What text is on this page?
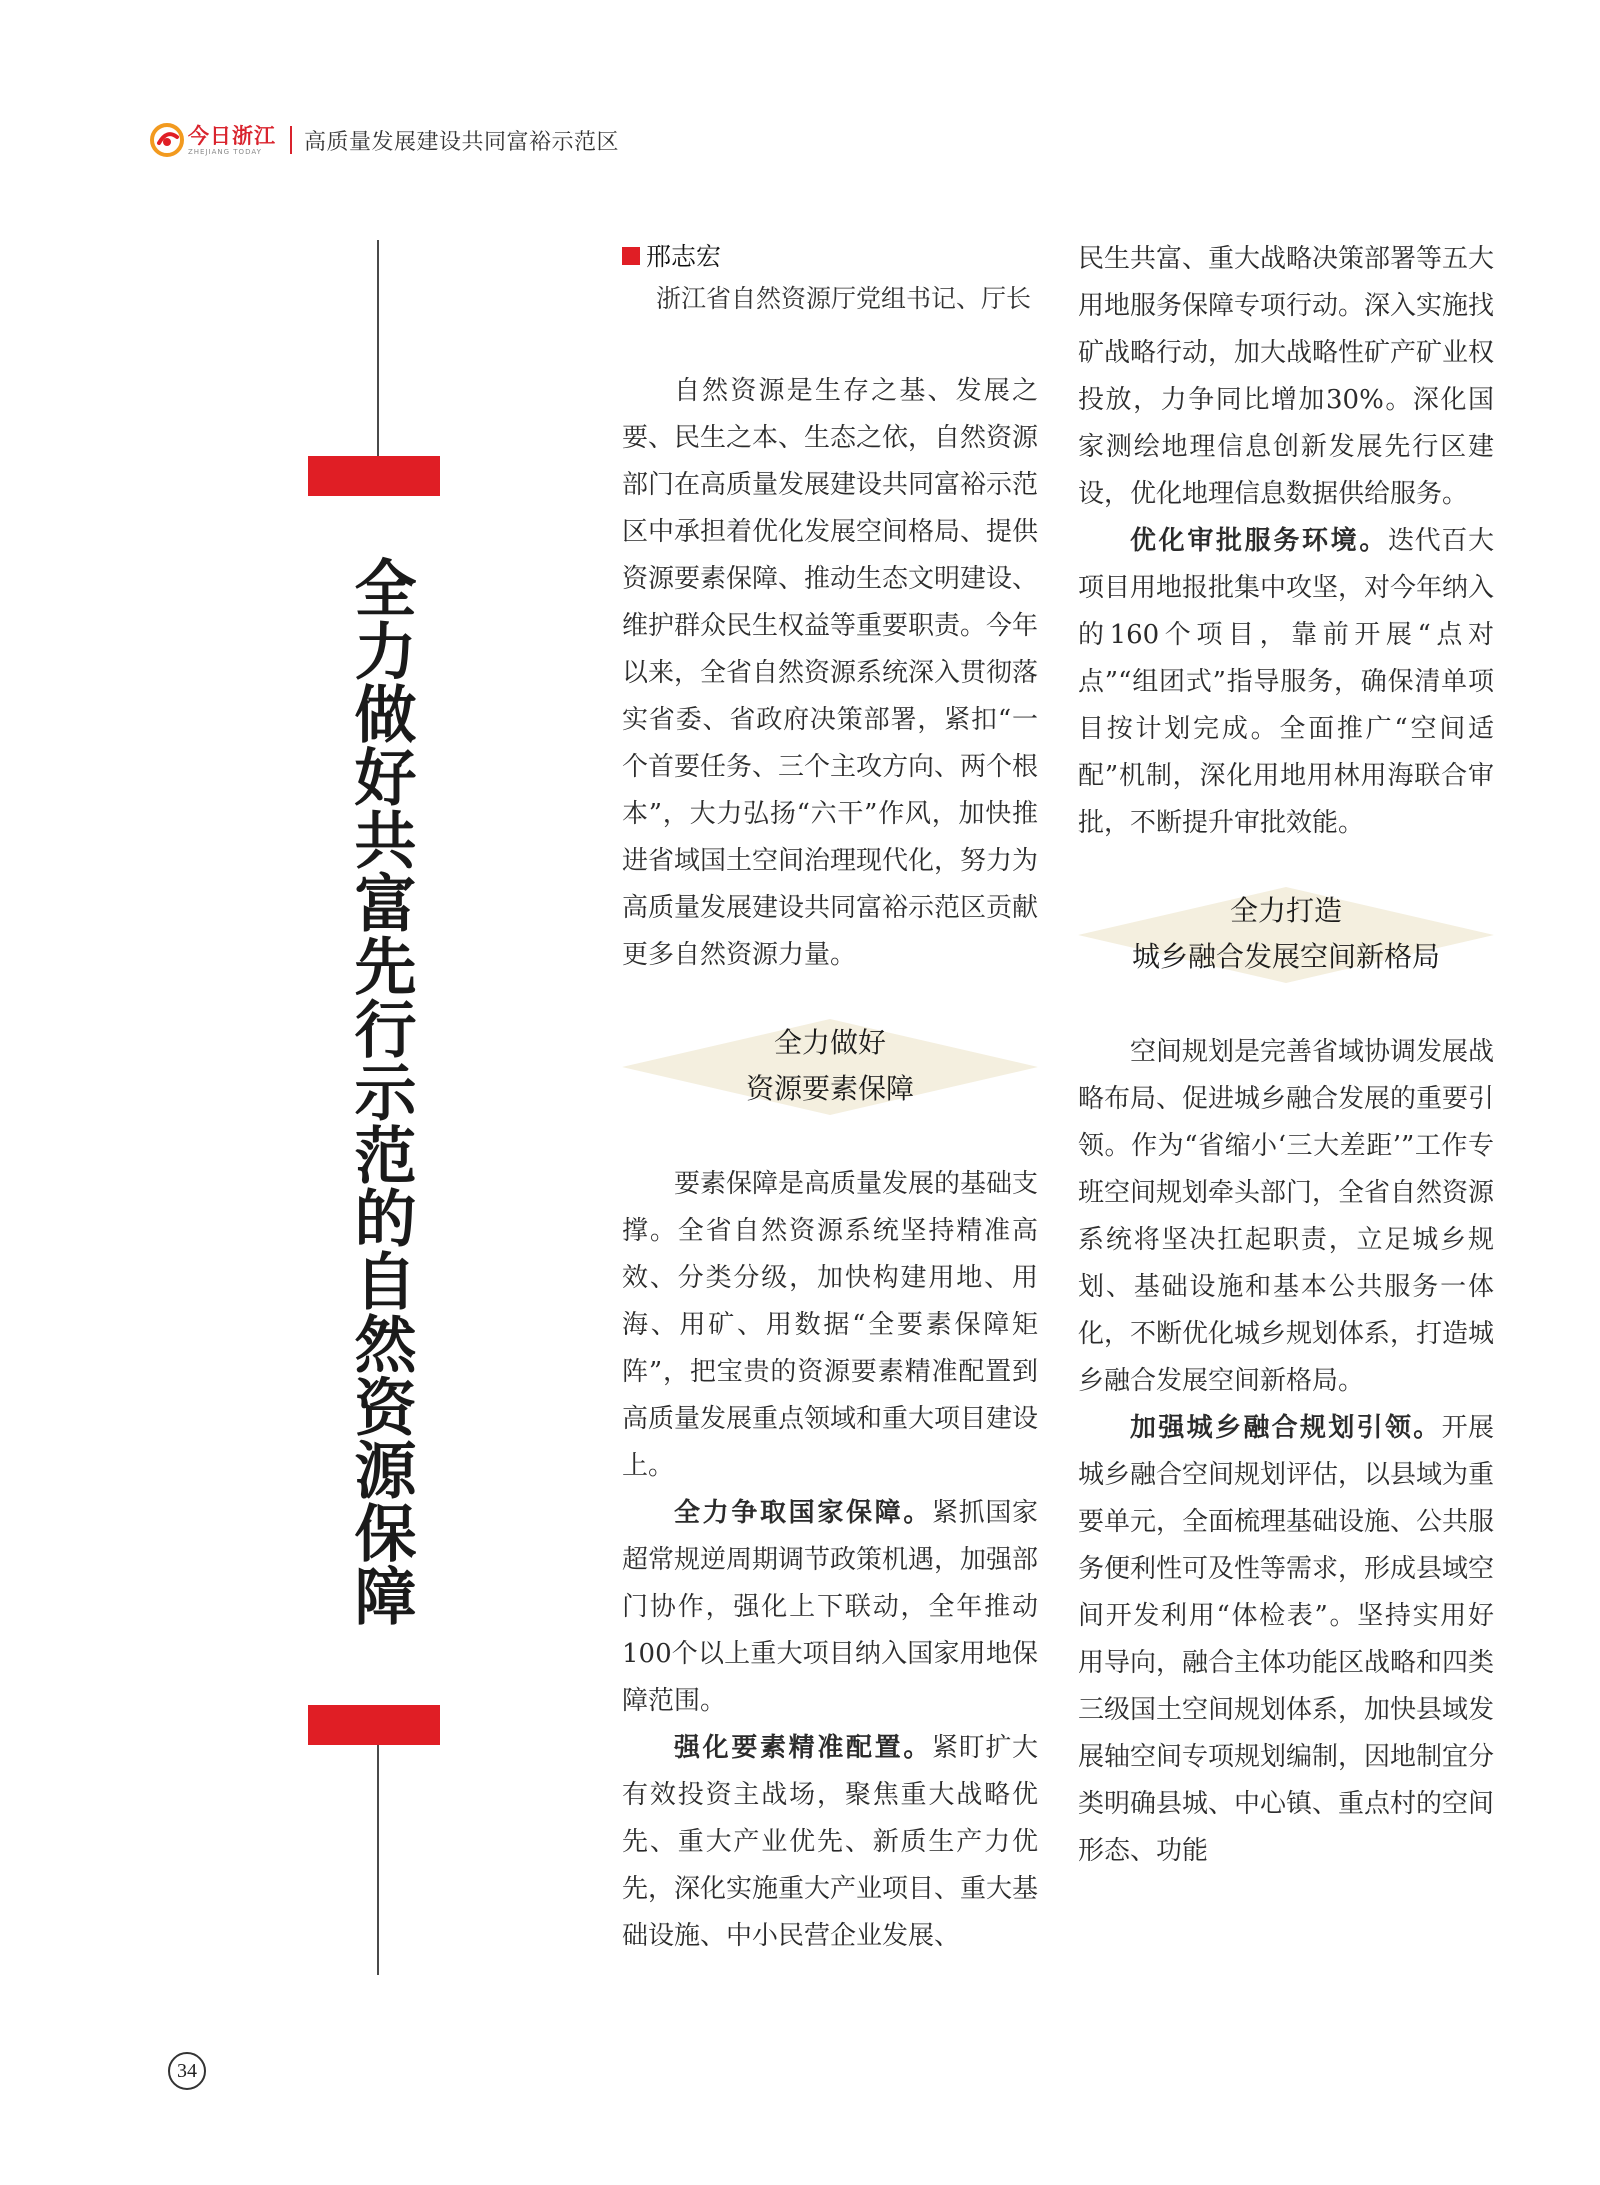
今日浙江
ZHEJIANG TODAY	高质量发展建设共同富裕示范区
全力做好共富先行示范的自然资源保障
邢志宏
浙江省自然资源厅党组书记、厅长

自然资源是生存之基、发展之要、民生之本、生态之依，自然资源部门在高质量发展建设共同富裕示范区中承担着优化发展空间格局、提供资源要素保障、推动生态文明建设、维护群众民生权益等重要职责。今年以来，全省自然资源系统深入贯彻落实省委、省政府决策部署，紧扣“一个首要任务、三个主攻方向、两个根本”，大力弘扬“六干”作风，加快推进省域国土空间治理现代化，努力为高质量发展建设共同富裕示范区贡献更多自然资源力量。

全力做好
资源要素保障

要素保障是高质量发展的基础支撑。全省自然资源系统坚持精准高效、分类分级，加快构建用地、用海、用矿、用数据“全要素保障矩阵”，把宝贵的资源要素精准配置到高质量发展重点领域和重大项目建设上。

全力争取国家保障。紧抓国家超常规逆周期调节政策机遇，加强部门协作，强化上下联动，全年推动100个以上重大项目纳入国家用地保障范围。

强化要素精准配置。紧盯扩大有效投资主战场，聚焦重大战略优先、重大产业优先、新质生产力优先，深化实施重大产业项目、重大基础设施、中小民营企业发展、

民生共富、重大战略决策部署等五大用地服务保障专项行动。深入实施找矿战略行动，加大战略性矿产矿业权投放，力争同比增加30%。深化国家测绘地理信息创新发展先行区建设，优化地理信息数据供给服务。

优化审批服务环境。迭代百大项目用地报批集中攻坚，对今年纳入的160个项目，靠前开展“点对点”“组团式”指导服务，确保清单项目按计划完成。全面推广“空间适配”机制，深化用地用林用海联合审批，不断提升审批效能。

全力打造
城乡融合发展空间新格局

空间规划是完善省域协调发展战略布局、促进城乡融合发展的重要引领。作为“省缩小‘三大差距’”工作专班空间规划牵头部门，全省自然资源系统将坚决扛起职责，立足城乡规划、基础设施和基本公共服务一体化，不断优化城乡规划体系，打造城乡融合发展空间新格局。

加强城乡融合规划引领。开展城乡融合空间规划评估，以县域为重要单元，全面梳理基础设施、公共服务便利性可及性等需求，形成县域空间开发利用“体检表”。坚持实用好用导向，融合主体功能区战略和四类三级国土空间规划体系，加快县域发展轴空间专项规划编制，因地制宜分类明确县城、中心镇、重点村的空间形态、功能

34
